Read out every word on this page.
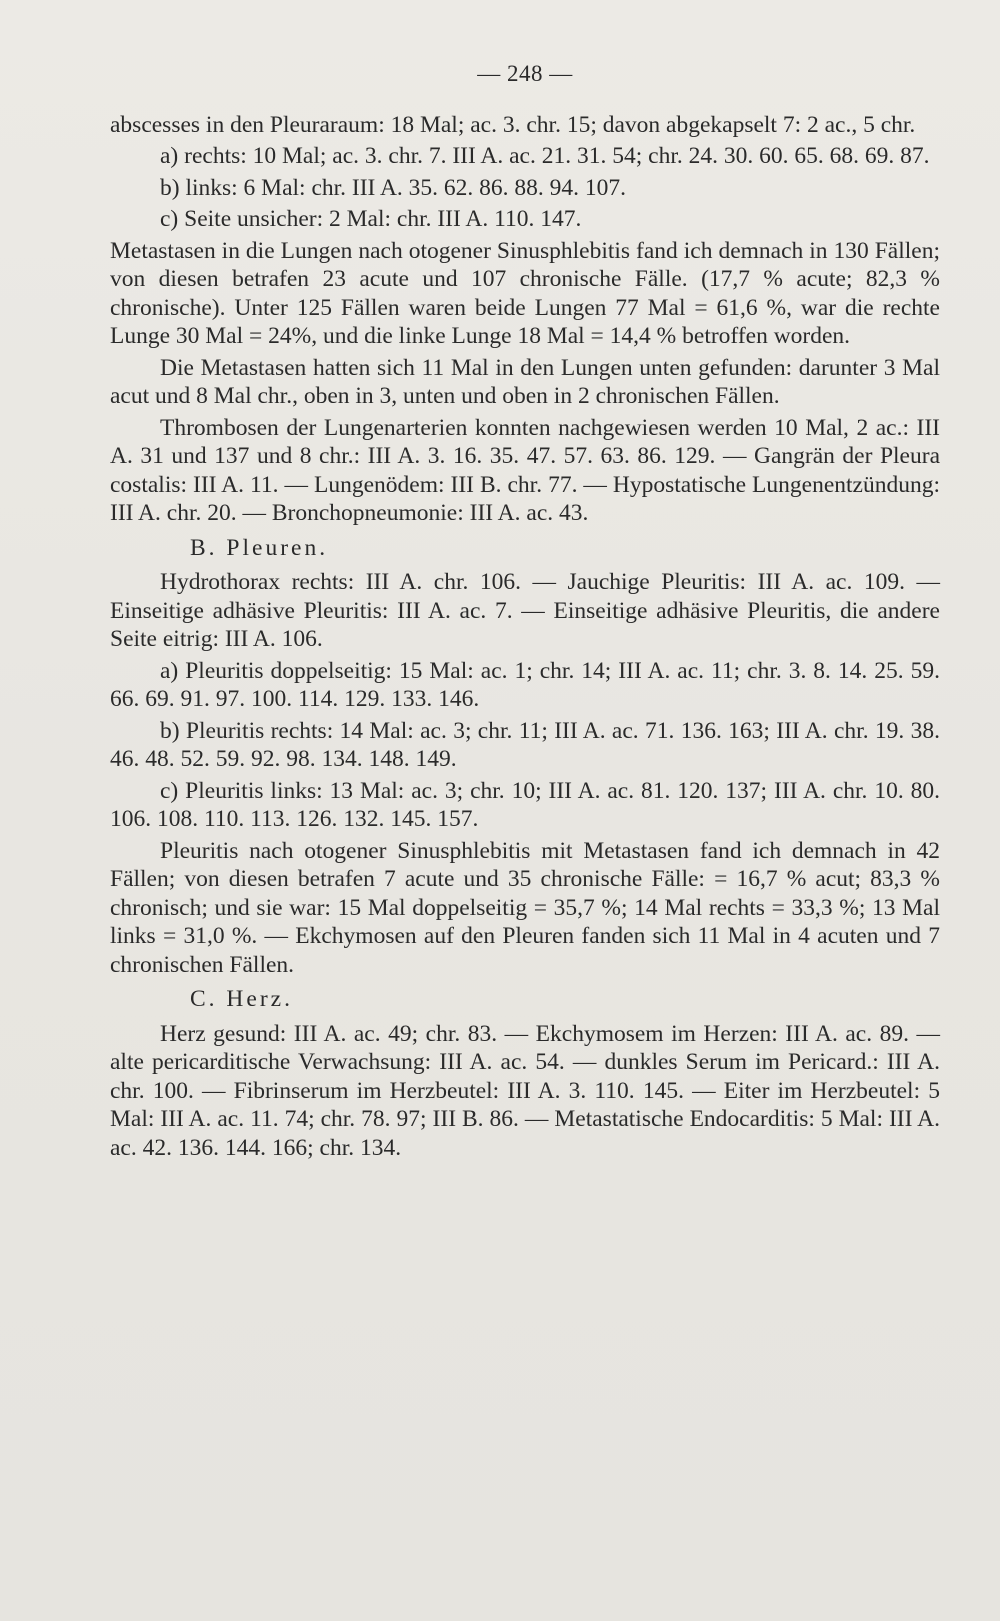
— 248 —

abscesses in den Pleuraraum: 18 Mal; ac. 3. chr. 15; davon abgekapselt 7: 2 ac., 5 chr.

a) rechts: 10 Mal; ac. 3. chr. 7. III A. ac. 21. 31. 54; chr. 24. 30. 60. 65. 68. 69. 87.

b) links: 6 Mal: chr. III A. 35. 62. 86. 88. 94. 107.

c) Seite unsicher: 2 Mal: chr. III A. 110. 147.

Metastasen in die Lungen nach otogener Sinusphlebitis fand ich demnach in 130 Fällen; von diesen betrafen 23 acute und 107 chronische Fälle. (17,7 % acute; 82,3 % chronische). Unter 125 Fällen waren beide Lungen 77 Mal = 61,6 %, war die rechte Lunge 30 Mal = 24%, und die linke Lunge 18 Mal = 14,4 % betroffen worden.

Die Metastasen hatten sich 11 Mal in den Lungen unten gefunden: darunter 3 Mal acut und 8 Mal chr., oben in 3, unten und oben in 2 chronischen Fällen.

Thrombosen der Lungenarterien konnten nachgewiesen werden 10 Mal, 2 ac.: III A. 31 und 137 und 8 chr.: III A. 3. 16. 35. 47. 57. 63. 86. 129. — Gangrän der Pleura costalis: III A. 11. — Lungenödem: III B. chr. 77. — Hypostatische Lungenentzündung: III A. chr. 20. — Bronchopneumonie: III A. ac. 43.

B. Pleuren.

Hydrothorax rechts: III A. chr. 106. — Jauchige Pleuritis: III A. ac. 109. — Einseitige adhäsive Pleuritis: III A. ac. 7. — Einseitige adhäsive Pleuritis, die andere Seite eitrig: III A. 106.

a) Pleuritis doppelseitig: 15 Mal: ac. 1; chr. 14; III A. ac. 11; chr. 3. 8. 14. 25. 59. 66. 69. 91. 97. 100. 114. 129. 133. 146.

b) Pleuritis rechts: 14 Mal: ac. 3; chr. 11; III A. ac. 71. 136. 163; III A. chr. 19. 38. 46. 48. 52. 59. 92. 98. 134. 148. 149.

c) Pleuritis links: 13 Mal: ac. 3; chr. 10; III A. ac. 81. 120. 137; III A. chr. 10. 80. 106. 108. 110. 113. 126. 132. 145. 157.

Pleuritis nach otogener Sinusphlebitis mit Metastasen fand ich demnach in 42 Fällen; von diesen betrafen 7 acute und 35 chronische Fälle: = 16,7 % acut; 83,3 % chronisch; und sie war: 15 Mal doppelseitig = 35,7 %; 14 Mal rechts = 33,3 %; 13 Mal links = 31,0 %. — Ekchymosen auf den Pleuren fanden sich 11 Mal in 4 acuten und 7 chronischen Fällen.

C. Herz.

Herz gesund: III A. ac. 49; chr. 83. — Ekchymosem im Herzen: III A. ac. 89. — alte pericarditische Verwachsung: III A. ac. 54. — dunkles Serum im Pericard.: III A. chr. 100. — Fibrinserum im Herzbeutel: III A. 3. 110. 145. — Eiter im Herzbeutel: 5 Mal: III A. ac. 11. 74; chr. 78. 97; III B. 86. — Metastatische Endocarditis: 5 Mal: III A. ac. 42. 136. 144. 166; chr. 134.
